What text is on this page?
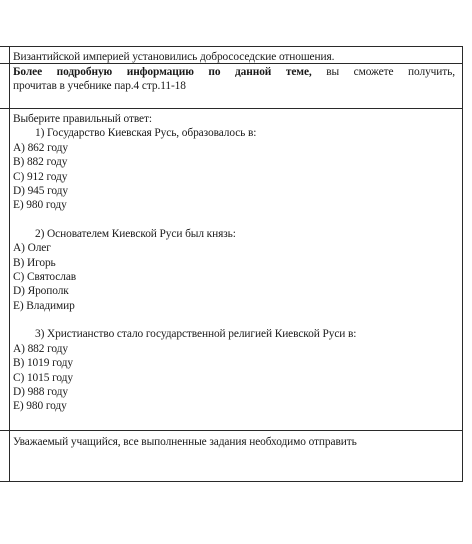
Византийской империей установились добрососедские отношения.
Более подробную информацию по данной теме, вы сможете получить,
прочитав в учебнике пар.4 стр.11-18
Выберите правильный ответ:
1) Государство Киевская Русь, образовалось в:
А) 862 году
В) 882 году
С) 912 году
D) 945 году
Е) 980 году
2) Основателем Киевской Руси был князь:
А) Олег
В) Игорь
С) Святослав
D) Ярополк
Е) Владимир
3) Христианство стало государственной религией Киевской Руси в:
А) 882 году
В) 1019 году
С) 1015 году
D) 988 году
Е) 980 году
Уважаемый учащийся, все выполненные задания необходимо отправить
